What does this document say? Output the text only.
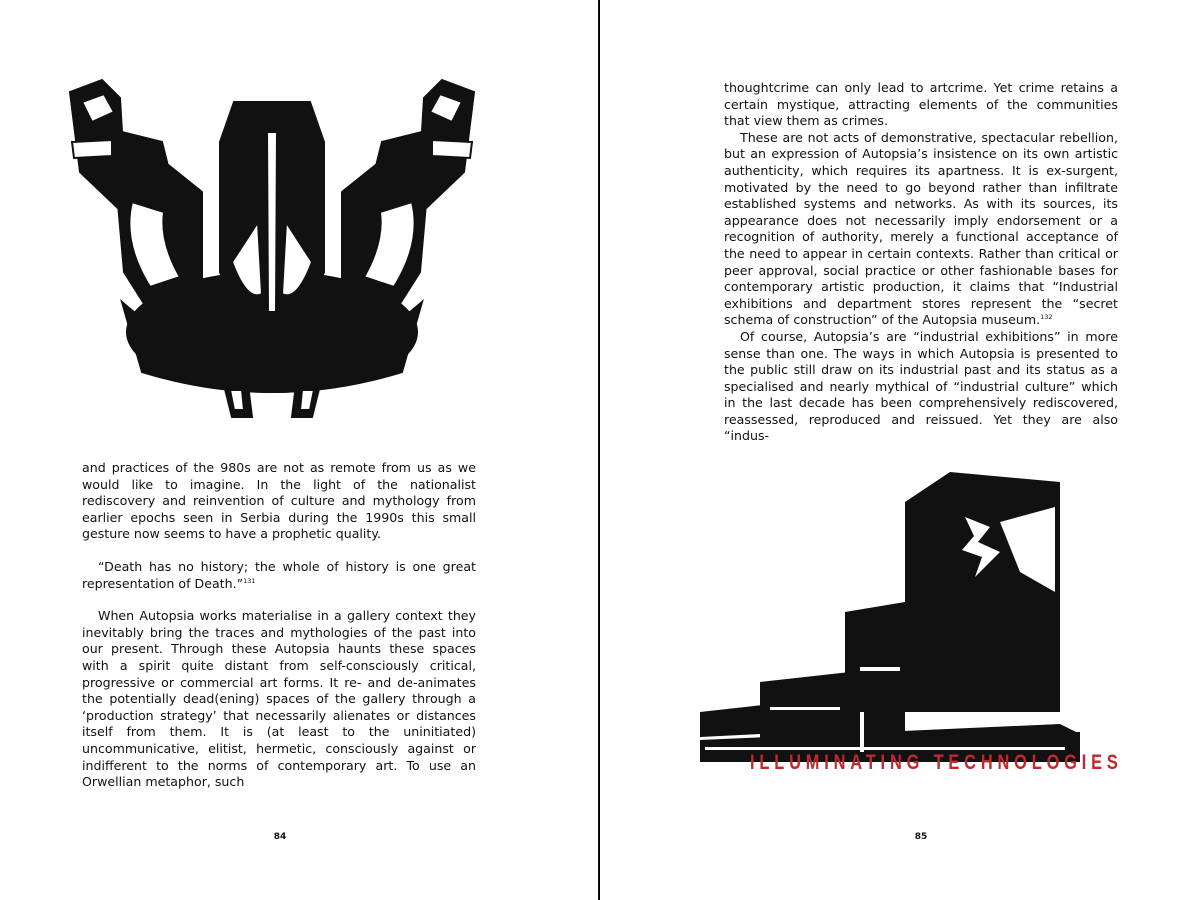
and practices of the 980s are not as remote from us as we would like to imagine. In the light of the nationalist rediscovery and reinvention of culture and mythology from earlier epochs seen in Serbia during the 1990s this small gesture now seems to have a prophetic quality.

“Death has no history; the whole of history is one great representation of Death.”$^{131}$

When Autopsia works materialise in a gallery context they inevitably bring the traces and mythologies of the past into our present. Through these Autopsia haunts these spaces with a spirit quite distant from self-consciously critical, progressive or commercial art forms. It re- and de-animates the potentially dead(ening) spaces of the gallery through a ‘production strategy’ that necessarily alienates or distances itself from them. It is (at least to the uninitiated) uncommunicative, elitist, hermetic, consciously against or indifferent to the norms of contemporary art. To use an Orwellian metaphor, such

84

thoughtcrime can only lead to artcrime. Yet crime retains a certain mystique, attracting elements of the communities that view them as crimes.

These are not acts of demonstrative, spectacular rebellion, but an expression of Autopsia’s insistence on its own artistic authenticity, which requires its apartness. It is ex-surgent, motivated by the need to go beyond rather than infiltrate established systems and networks. As with its sources, its appearance does not necessarily imply endorsement or a recognition of authority, merely a functional acceptance of the need to appear in certain contexts. Rather than critical or peer approval, social practice or other fashionable bases for contemporary artistic production, it claims that “Industrial exhibitions and department stores represent the “secret schema of construction” of the Autopsia museum.$^{132}$

Of course, Autopsia’s are “industrial exhibitions” in more sense than one. The ways in which Autopsia is presented to the public still draw on its industrial past and its status as a specialised and nearly mythical of “industrial culture” which in the last decade has been comprehensively rediscovered, reassessed, reproduced and reissued. Yet they are also “indus-

ILLUMINATING TECHNOLOGIES
85
